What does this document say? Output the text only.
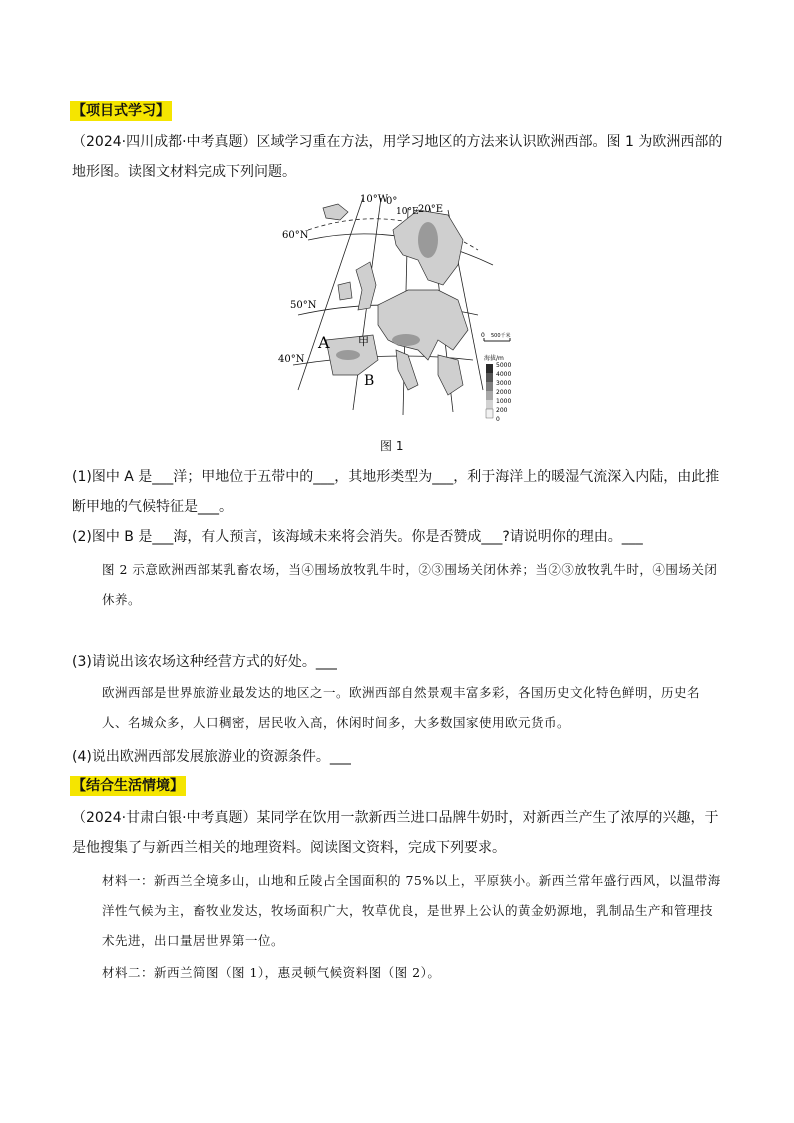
【项目式学习】
（2024·四川成都·中考真题）区域学习重在方法，用学习地区的方法来认识欧洲西部。图 1 为欧洲西部的地形图。读图文材料完成下列问题。
10°W
0°
10°E 20°E
60°N
50°N
40°N
A
B
甲	0 500千米
海拔/m
5000
4000
3000
2000
1000
200
0
图 1
(1)图中 A 是___洋；甲地位于五带中的___，其地形类型为___，利于海洋上的暖湿气流深入内陆，由此推断甲地的气候特征是___。
(2)图中 B 是___海，有人预言，该海域未来将会消失。你是否赞成___?请说明你的理由。___
图 2 示意欧洲西部某乳畜农场，当④围场放牧乳牛时，②③围场关闭休养；当②③放牧乳牛时，④围场关闭休养。
(3)请说出该农场这种经营方式的好处。___
欧洲西部是世界旅游业最发达的地区之一。欧洲西部自然景观丰富多彩，各国历史文化特色鲜明，历史名人、名城众多，人口稠密，居民收入高，休闲时间多，大多数国家使用欧元货币。
(4)说出欧洲西部发展旅游业的资源条件。___
【结合生活情境】
（2024·甘肃白银·中考真题）某同学在饮用一款新西兰进口品牌牛奶时，对新西兰产生了浓厚的兴趣，于是他搜集了与新西兰相关的地理资料。阅读图文资料，完成下列要求。
材料一：新西兰全境多山，山地和丘陵占全国面积的 75%以上，平原狭小。新西兰常年盛行西风，以温带海洋性气候为主，畜牧业发达，牧场面积广大，牧草优良，是世界上公认的黄金奶源地，乳制品生产和管理技术先进，出口量居世界第一位。
材料二：新西兰简图（图 1），惠灵顿气候资料图（图 2）。
